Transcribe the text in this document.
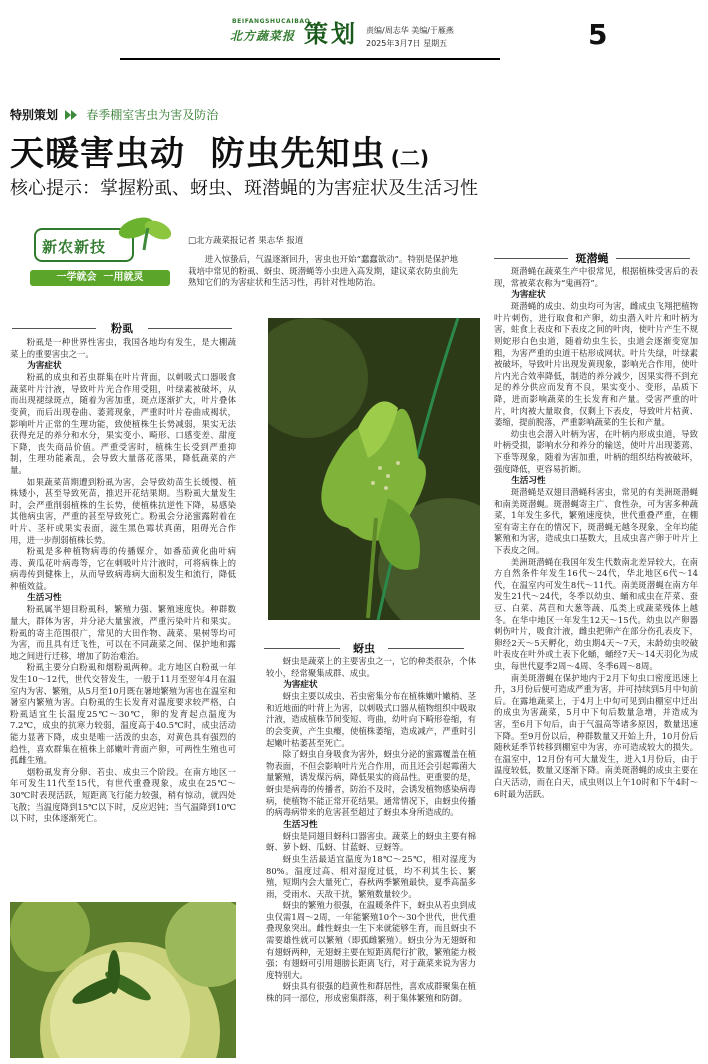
BEIFANGSHUCAIBAO
北方蔬菜报 策划 责编/周志华 美编/于雁燕
2025年3月7日 星期五	5
特别策划 春季棚室害虫为害及防治
天暖害虫动  防虫先知虫 (二)
核心提示：掌握粉虱、蚜虫、斑潜蝇的为害症状及生活习性
新农新技
一学就会  一用就灵
□北方蔬菜报记者 果志华 报道

进入惊蛰后，气温逐渐回升，害虫也开始“蠢蠢欲动”。特别是保护地栽培中常见的粉虱、蚜虫、斑潜蝇等小虫进入高发期，建议菜农防虫前先熟知它们的为害症状和生活习性，再针对性地防治。

粉虱

粉虱是一种世界性害虫，我国各地均有发生，是大棚蔬菜上的重要害虫之一。

为害症状

粉虱的成虫和若虫群集在叶片背面，以刺吸式口器吸食蔬菜叶片汁液，导致叶片光合作用受阻，叶绿素被破坏，从而出现褪绿斑点，随着为害加重，斑点逐渐扩大，叶片叠体变黄，而后出现卷曲、萎蔫现象，严重时叶片卷曲成褐状，影响叶片正常的生理功能，致使植株生长势减弱，果实无法获得充足的养分和水分，果实变小、畸形、口感变差、甜度下降，丧失商品价值。严重受害时，植株生长受到严重抑制，生理功能紊乱，会导致大量落花落果，降低蔬菜的产量。

如果蔬菜苗期遭到粉虱为害，会导致幼苗生长缓慢、植株矮小，甚至导致死苗，推迟开花结果期。当粉虱大量发生时，会严重削弱植株的生长势，使植株抗逆性下降，易感染其他病虫害，严重的甚至导致死亡。粉虱会分泌蜜露附着在叶片、茎秆或果实表面，滋生黑色霉状真菌，阻碍光合作用，进一步削弱植株长势。

粉虱是多种植物病毒的传播媒介，如番茄黄化曲叶病毒、黄瓜花叶病毒等，它在刺吸叶片汁液时，可将病株上的病毒传到健株上，从而导致病毒病大面积发生和流行，降低种植效益。

生活习性

粉虱属半翅目粉虱科，繁殖力强、繁殖速度快。种群数量大，群体为害，并分泌大量蜜液，严重污染叶片和果实。粉虱的寄主范围很广，常见的大田作物、蔬菜、果树等均可为害，而且具有迁飞性，可以在不同蔬菜之间、保护地和露地之间进行迁移，增加了防治难治。

粉虱主要分白粉虱和烟粉虱两种。北方地区白粉虱一年发生10～12代，世代交替发生，一般于11月至翌年4月在温室内为害、繁殖，从5月至10月既在暑地繁殖为害也在温室和暑室内繁殖为害。白粉虱的生长发育对温度要求较严格，白粉虱适宜生长温度25℃～30℃，卵的发育起点温度为7.2℃，成虫的抗寒力较弱，温度高于40.5℃时，成虫活动能力显著下降，成虫是唯一活泼的虫态，对黄色具有强烈的趋性，喜欢群集在植株上部嫩叶背面产卵，可两性生殖也可孤雌生殖。

烟粉虱发育分卵、若虫、成虫三个阶段。在南方地区一年可发生11代至15代，有世代重叠现象，成虫在25℃～30℃时表现活跃，短距离飞行能力较强，稍有惊动，就四处飞散；当温度降到15℃以下时，反应迟钝；当气温降到10℃以下时，虫体逐渐死亡。

蚜虫

蚜虫是蔬菜上的主要害虫之一，它的种类很杂，个体较小，经常聚集成群、成虫。

为害症状

蚜虫主要以成虫、若虫密集分布在植株嫩叶嫩梢、茎和近地面的叶背上为害，以刺吸式口器从植物组织中吸取汁液，造成植株节间变短、弯曲，幼叶向下畸形卷缩，有的会变黄，产生虫瘿，使植株萎缩，造成减产，严重时引起嫩叶枯萎甚至死亡。

除了蚜虫自身吸食为害外，蚜虫分泌的蜜露覆盖在植物表面，不但会影响叶片光合作用，而且还会引起霉菌大量繁殖，诱发煤污病，降低果实的商品性。更重要的是，蚜虫是病毒的传播者，防治不及时，会诱发植物感染病毒病，使植物不能正常开花结果。通常情况下，由蚜虫传播的病毒病带来的危害甚至超过了蚜虫本身所造成的。

生活习性

蚜虫是同翅目蚜科口器害虫。蔬菜上的蚜虫主要有棉蚜、萝卜蚜、瓜蚜、甘蓝蚜、豆蚜等。

蚜虫生活最适宜温度为18℃～25℃，相对湿度为80%。温度过高、相对湿度过低，均不利其生长、繁殖，短期内会大量死亡，春秋两季繁殖最快，夏季高温多雨，受雨水、天敌干扰，繁殖数量较少。

蚜虫的繁殖力很强，在温暖条件下，蚜虫从若虫到成虫仅需1周～2周，一年能繁殖10个～30个世代，世代重叠现象突出。雌性蚜虫一生下来就能够生育，而且蚜虫不需要雄性就可以繁殖（即孤雌繁殖）。蚜虫分为无翅蚜和有翅蚜两种，无翅蚜主要在短距离爬行扩散，繁殖能力极强；有翅蚜可引用翅膀长距离飞行，对于蔬菜来说为害力度特别大。

蚜虫具有很强的趋黄性和群居性，喜欢成群聚集在植株的同一部位，形成密集群落，利于集体繁殖和防御。

斑潜蝇

斑潜蝇在蔬菜生产中很常见，根据植株受害后的表现，常被菜农称为“鬼画符”。

为害症状

斑潜蝇的成虫、幼虫均可为害，雌成虫飞翔把植物叶片刺伤，进行取食和产卵，幼虫潜入叶片和叶柄为害，蛀食上表皮和下表皮之间的叶肉，使叶片产生不规则蛇形白色虫道，随着幼虫生长，虫道会逐渐变宽加粗，为害严重的虫道干枯形成网状。叶片失绿，叶绿素被破坏，导致叶片出现发黄现象，影响光合作用，使叶片内光合效率降低，制造的养分减少，因果实得不到充足的养分供应而发育不良，果实变小、变形，品质下降，进而影响蔬菜的生长发育和产量。受害严重的叶片，叶肉被大量取食，仅剩上下表皮，导致叶片枯黄、萎缩，提前脱落，严重影响蔬菜的生长和产量。

幼虫也会潜入叶柄为害，在叶柄内形成虫道，导致叶柄受损，影响水分和养分的输送，使叶片出现萎蔫、下垂等现象，随着为害加重，叶柄的组织结构被破坏，强度降低，更容易折断。

生活习性

斑潜蝇是双翅目潜蝇科害虫，常见的有美洲斑潜蝇和南美斑潜蝇。斑潜蝇寄主广、食性杂，可为害多种蔬菜，1年发生多代，繁殖速度快，世代重叠严重，在棚室有寄主存在的情况下，斑潜蝇无越冬现象，全年均能繁殖和为害，造成虫口基数大，且成虫喜产卵于叶片上下表皮之间。

美洲斑潜蝇在我国年发生代数南北差异较大，在南方自然条件年发生16代～24代，华北地区6代～14代，在温室内可发生8代～11代。南美斑潜蝇在南方年发生21代～24代，冬季以幼虫、蛹和成虫在芹菜、蚕豆、白菜、莴苣和大葱等蔬、瓜类上或蔬菜残体上越冬。在华中地区一年发生12天～15代。幼虫以产卵器刺伤叶片，吸食汁液，雌虫把卵产在部分伤孔表皮下，卵经2天～5天孵化，幼虫期4天～7天，末龄幼虫咬破叶表皮在叶外或土表下化蛹，蛹经7天～14天羽化为成虫，每世代夏季2周～4周、冬季6周～8周。

南美斑潜蝇在保护地内于2月下旬虫口密度迅速上升，3月份后便可造成严重为害，并可持续到5月中旬前后。在露地蔬菜上，于4月上中旬可见到由棚室中迁出的成虫为害蔬菜，5月中下旬后数量急增，并造成为害，至6月下旬后，由于气温高等诸多原因，数量迅速下降。至9月份以后，种群数量又开始上升，10月份后随秋延季节转移到棚室中为害，亦可造成较大的损失。在温室中，12月份有可大量发生，进入1月份后，由于温度较低，数量又逐渐下降。南美斑潜蝇的成虫主要在白天活动，而在白天，成虫则以上午10时和下午4时～6时最为活跃。
